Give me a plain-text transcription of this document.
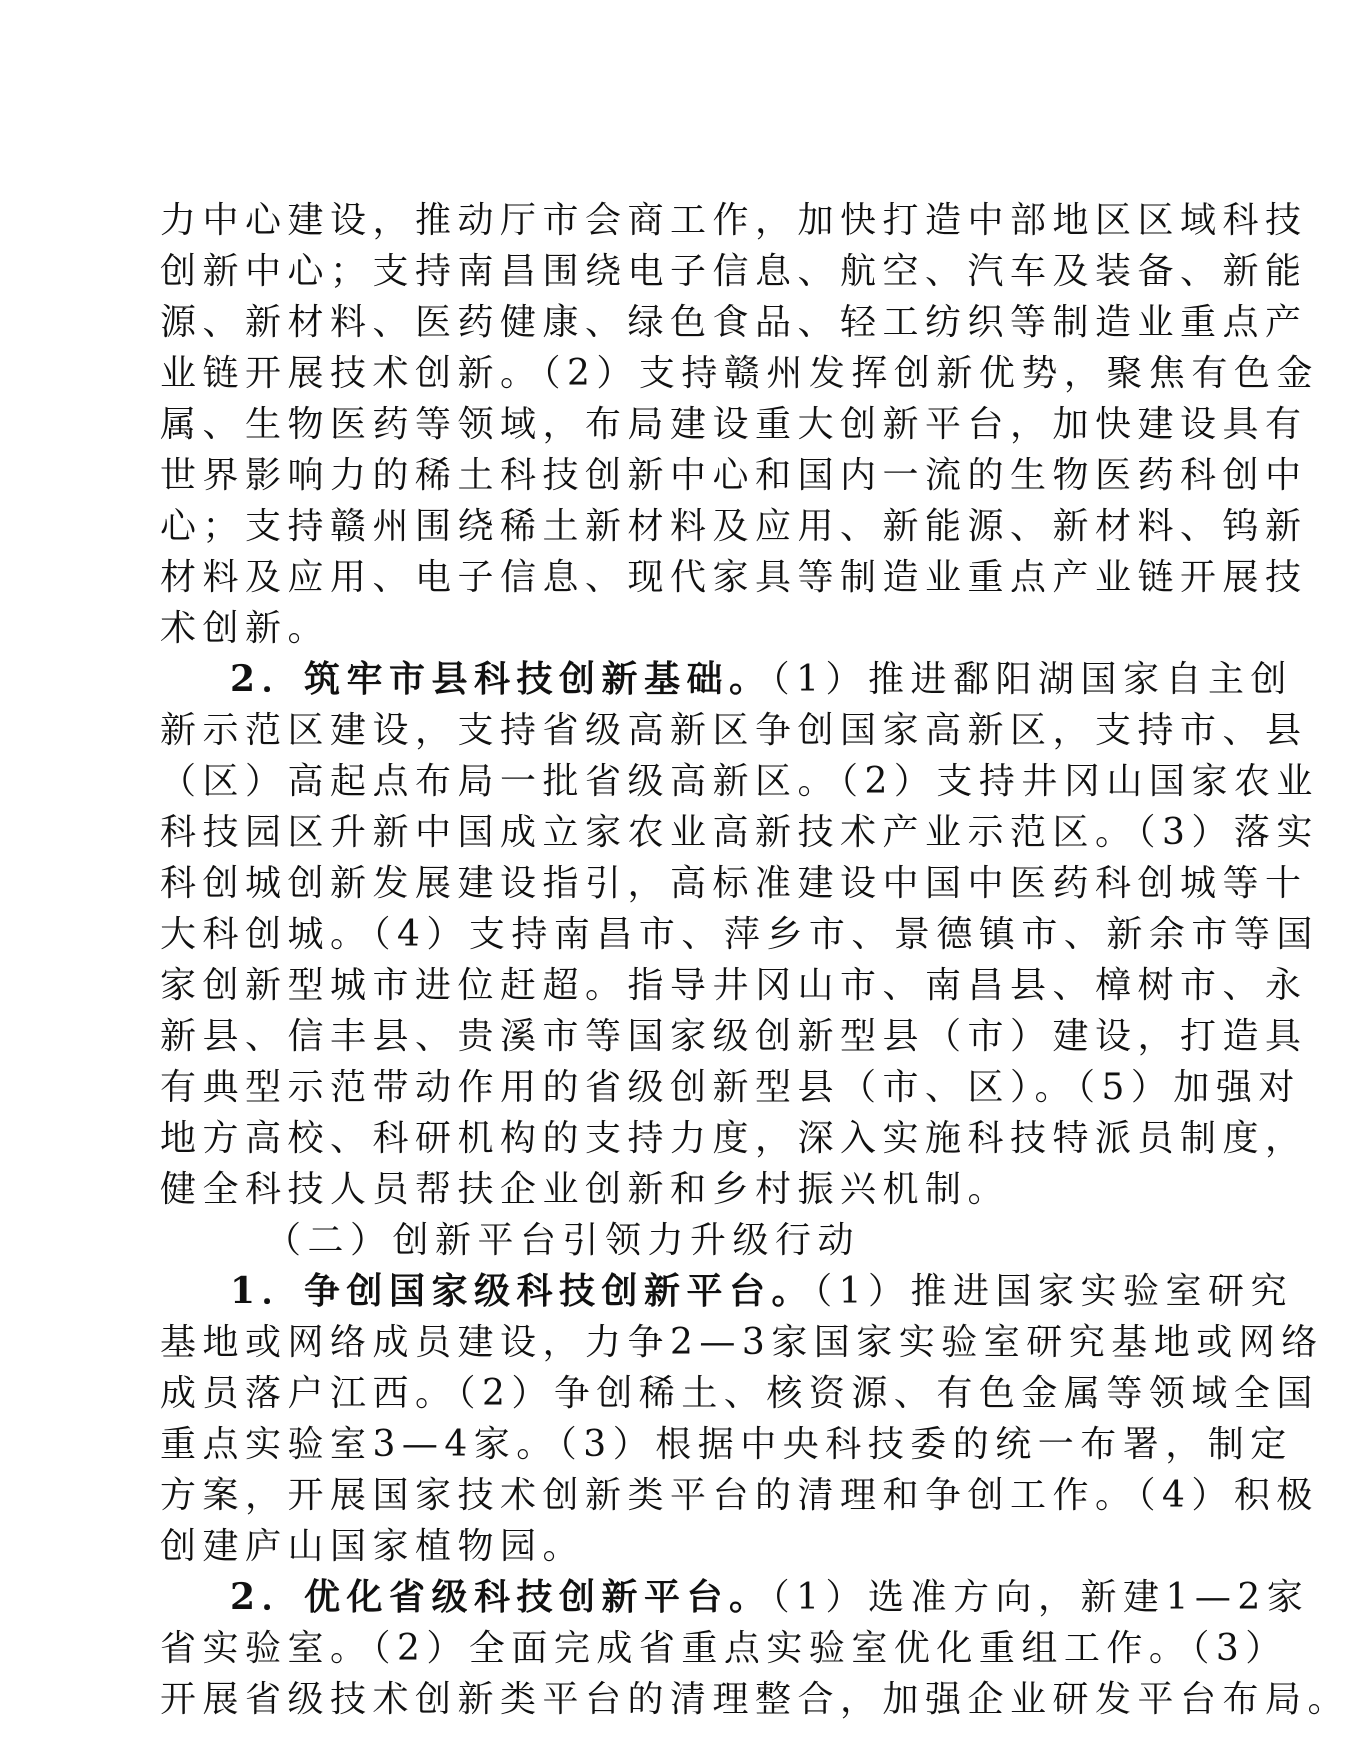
力中心建设，推动厅市会商工作，加快打造中部地区区域科技
创新中心；支持南昌围绕电子信息、航空、汽车及装备、新能
源、新材料、医药健康、绿色食品、轻工纺织等制造业重点产
业链开展技术创新。（2）支持赣州发挥创新优势，聚焦有色金
属、生物医药等领域，布局建设重大创新平台，加快建设具有
世界影响力的稀土科技创新中心和国内一流的生物医药科创中
心；支持赣州围绕稀土新材料及应用、新能源、新材料、钨新
材料及应用、电子信息、现代家具等制造业重点产业链开展技
术创新。
2．筑牢市县科技创新基础。（1）推进鄱阳湖国家自主创
新示范区建设，支持省级高新区争创国家高新区，支持市、县
（区）高起点布局一批省级高新区。（2）支持井冈山国家农业
科技园区升新中国成立家农业高新技术产业示范区。（3）落实
科创城创新发展建设指引，高标准建设中国中医药科创城等十
大科创城。（4）支持南昌市、萍乡市、景德镇市、新余市等国
家创新型城市进位赶超。指导井冈山市、南昌县、樟树市、永
新县、信丰县、贵溪市等国家级创新型县（市）建设，打造具
有典型示范带动作用的省级创新型县（市、区）。（5）加强对
地方高校、科研机构的支持力度，深入实施科技特派员制度，
健全科技人员帮扶企业创新和乡村振兴机制。
（二）创新平台引领力升级行动
1．争创国家级科技创新平台。（1）推进国家实验室研究
基地或网络成员建设，力争2—3家国家实验室研究基地或网络
成员落户江西。（2）争创稀土、核资源、有色金属等领域全国
重点实验室3—4家。（3）根据中央科技委的统一布署，制定
方案，开展国家技术创新类平台的清理和争创工作。（4）积极
创建庐山国家植物园。
2．优化省级科技创新平台。（1）选准方向，新建1—2家
省实验室。（2）全面完成省重点实验室优化重组工作。（3）
开展省级技术创新类平台的清理整合，加强企业研发平台布局。
